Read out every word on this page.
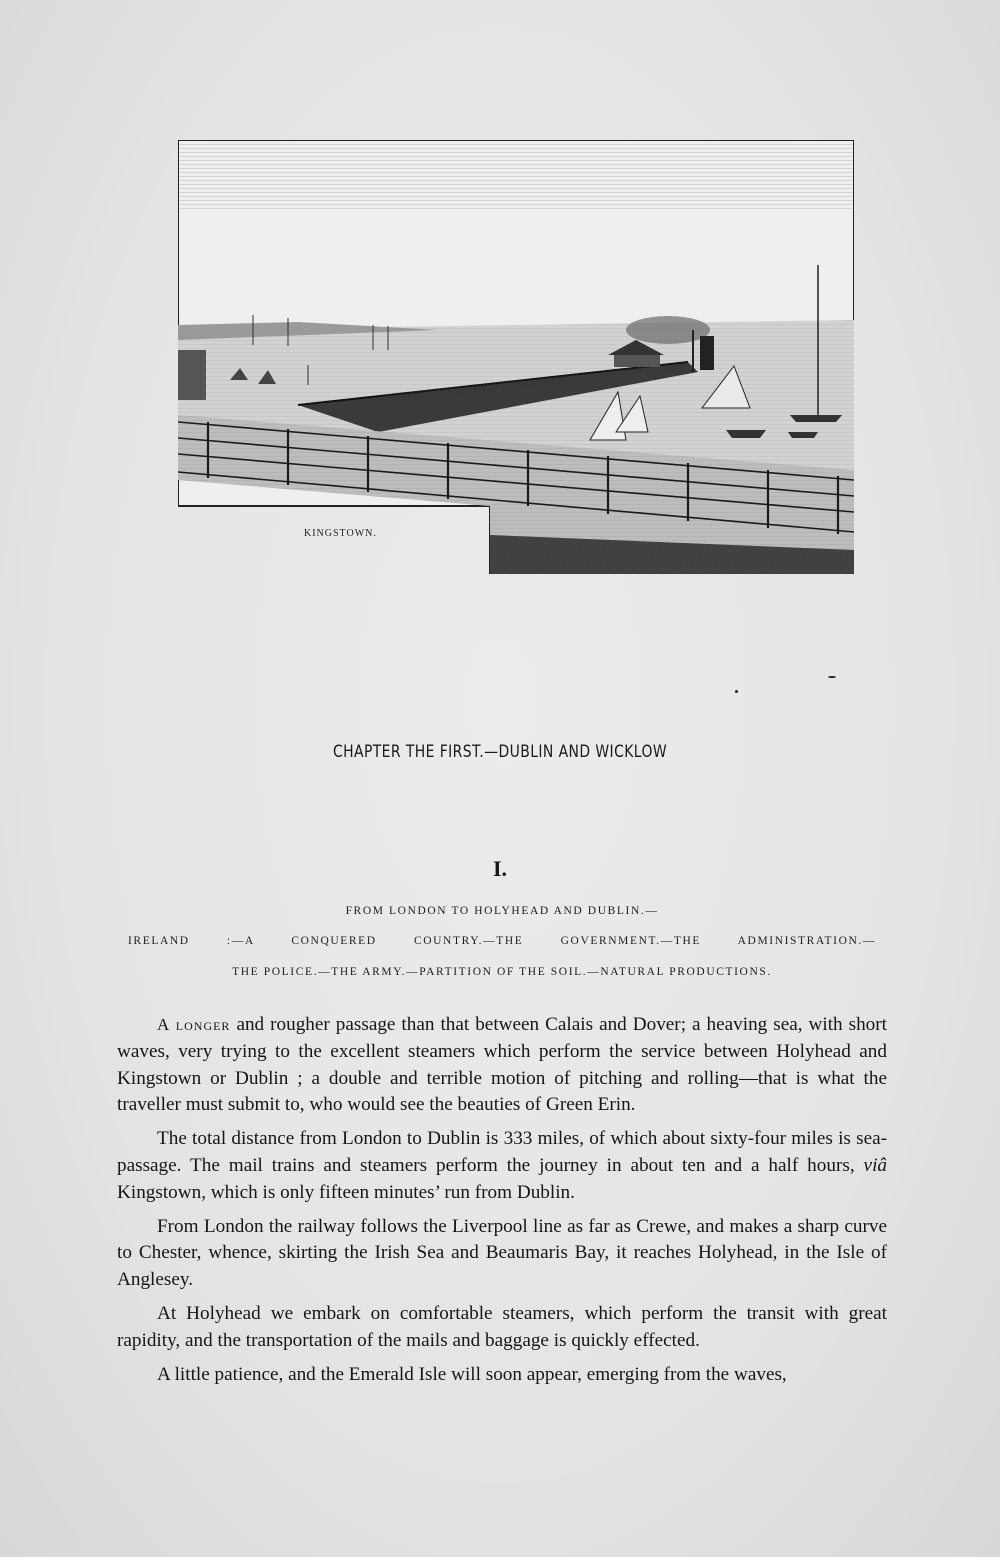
KINGSTOWN.
CHAPTER THE FIRST.—DUBLIN AND WICKLOW
I.
FROM LONDON TO HOLYHEAD AND DUBLIN.—
IRELAND :—A CONQUERED COUNTRY.—THE GOVERNMENT.—THE ADMINISTRATION.—
THE POLICE.—THE ARMY.—PARTITION OF THE SOIL.—NATURAL PRODUCTIONS.

A longer and rougher passage than that between Calais and Dover; a heaving sea, with short waves, very trying to the excellent steamers which perform the service between Holyhead and Kingstown or Dublin ; a double and terrible motion of pitching and rolling—that is what the traveller must submit to, who would see the beauties of Green Erin.

The total distance from London to Dublin is 333 miles, of which about sixty-four miles is sea-passage. The mail trains and steamers perform the journey in about ten and a half hours, viâ Kingstown, which is only fifteen minutes’ run from Dublin.

From London the railway follows the Liverpool line as far as Crewe, and makes a sharp curve to Chester, whence, skirting the Irish Sea and Beaumaris Bay, it reaches Holyhead, in the Isle of Anglesey.

At Holyhead we embark on comfortable steamers, which perform the transit with great rapidity, and the transportation of the mails and baggage is quickly effected.

A little patience, and the Emerald Isle will soon appear, emerging from the waves,
